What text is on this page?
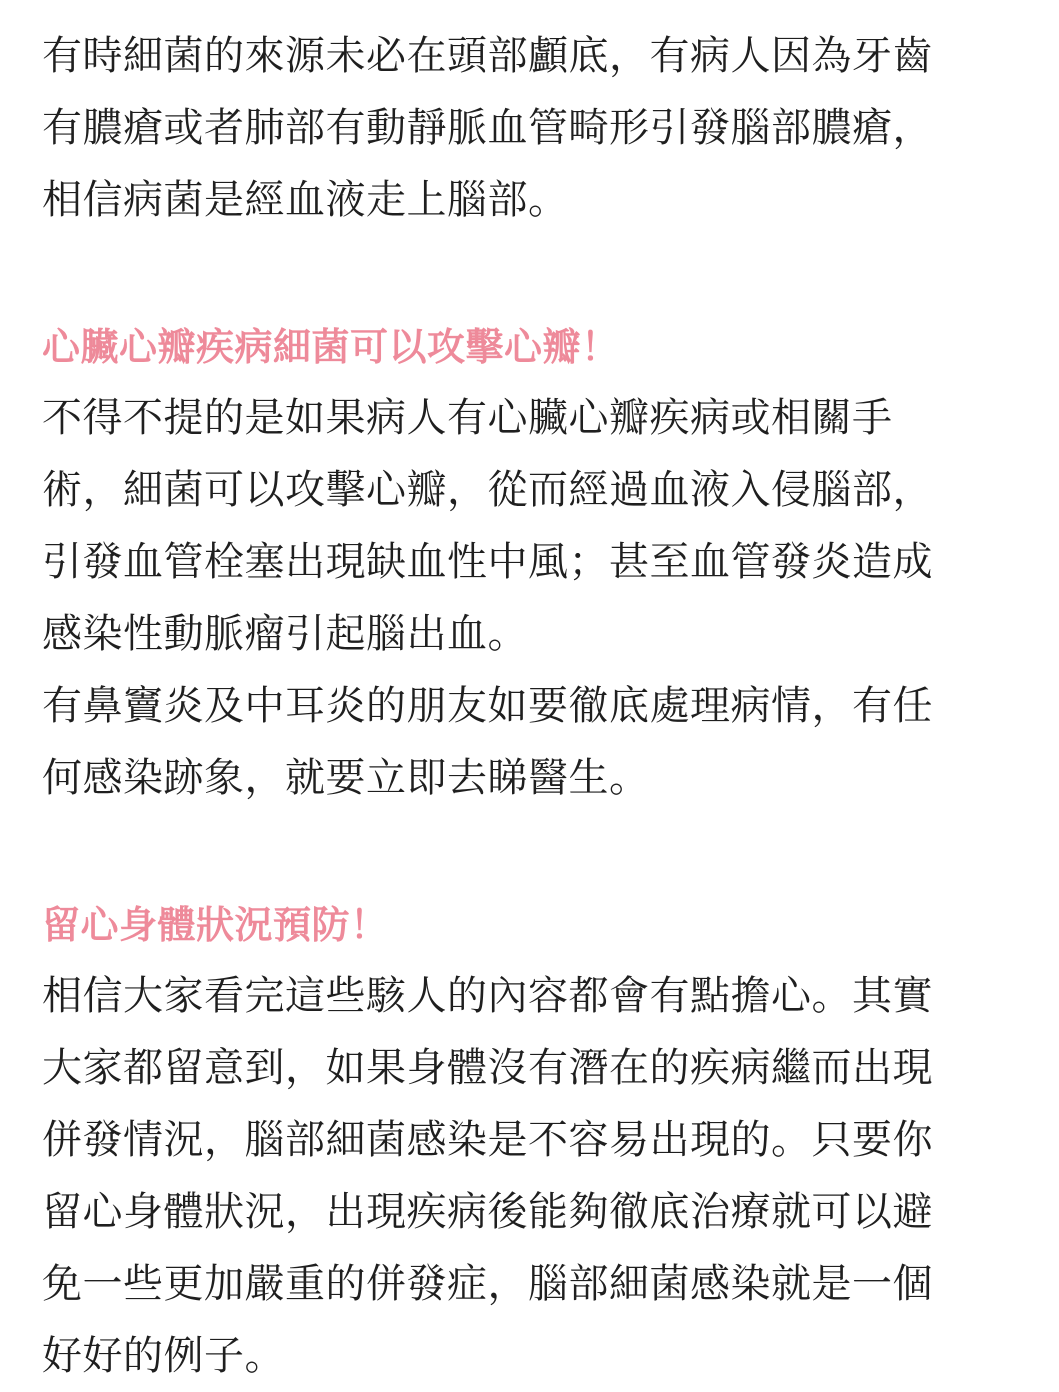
有時細菌的來源未必在頭部顱底，有病人因為牙齒

有膿瘡或者肺部有動靜脈血管畸形引發腦部膿瘡，

相信病菌是經血液走上腦部。

心臟心瓣疾病細菌可以攻擊心瓣！

不得不提的是如果病人有心臟心瓣疾病或相關手

術，細菌可以攻擊心瓣，從而經過血液入侵腦部，

引發血管栓塞出現缺血性中風；甚至血管發炎造成

感染性動脈瘤引起腦出血。

有鼻竇炎及中耳炎的朋友如要徹底處理病情，有任

何感染跡象，就要立即去睇醫生。

留心身體狀況預防！

相信大家看完這些駭人的內容都會有點擔心。其實

大家都留意到，如果身體沒有潛在的疾病繼而出現

併發情況，腦部細菌感染是不容易出現的。只要你

留心身體狀況，出現疾病後能夠徹底治療就可以避

免一些更加嚴重的併發症，腦部細菌感染就是一個

好好的例子。
